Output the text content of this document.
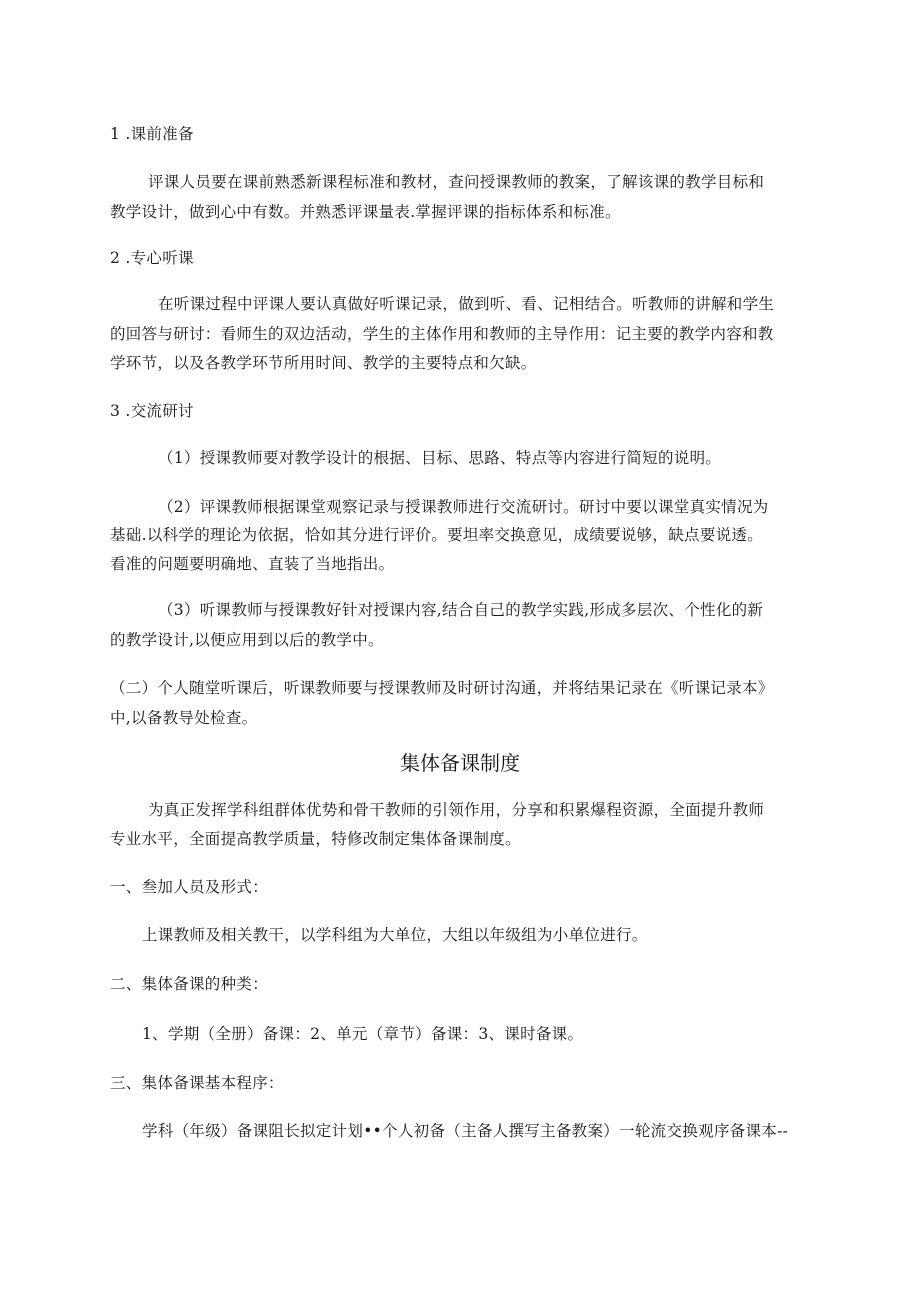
1 .课前准备
评课人员要在课前熟悉新课程标准和教材，查问授课教师的教案，了解该课的教学目标和
教学设计，做到心中有数。并熟悉评课量表.掌握评课的指标体系和标准。
2 .专心听课
在听课过程中评课人要认真做好听课记录，做到听、看、记相结合。听教师的讲解和学生
的回答与研讨：看师生的双边活动，学生的主体作用和教师的主导作用：记主要的教学内容和教
学环节，以及各教学环节所用时间、教学的主要特点和欠缺。
3 .交流研讨
（1）授课教师要对教学设计的根据、目标、思路、特点等内容进行简短的说明。
（2）评课教师根据课堂观察记录与授课教师进行交流研讨。研讨中要以课堂真实情况为
基础.以科学的理论为依据，恰如其分进行评价。要坦率交换意见，成绩要说够，缺点要说透。
看准的问题要明确地、直装了当地指出。
（3）听课教师与授课教好针对授课内容,结合自己的教学实践,形成多层次、个性化的新
的教学设计,以便应用到以后的教学中。
（二）个人随堂听课后，听课教师要与授课教师及时研讨沟通，并将结果记录在《听课记录本》
中,以备教导处检查。
集体备课制度
为真正发挥学科组群体优势和骨干教师的引领作用，分享和积累爆程资源，全面提升教师
专业水平，全面提高教学质量，特修改制定集体备课制度。
一、叁加人员及形式：
上课教师及相关教干，以学科组为大单位，大组以年级组为小单位进行。
二、集体备课的种类：
1、学期（全册）备课：2、单元（章节）备课：3、课时备课。
三、集体备课基本程序：
学科（年级）备课阻长拟定计划••个人初备（主备人撰写主备教案）一轮流交换观序备课本--
